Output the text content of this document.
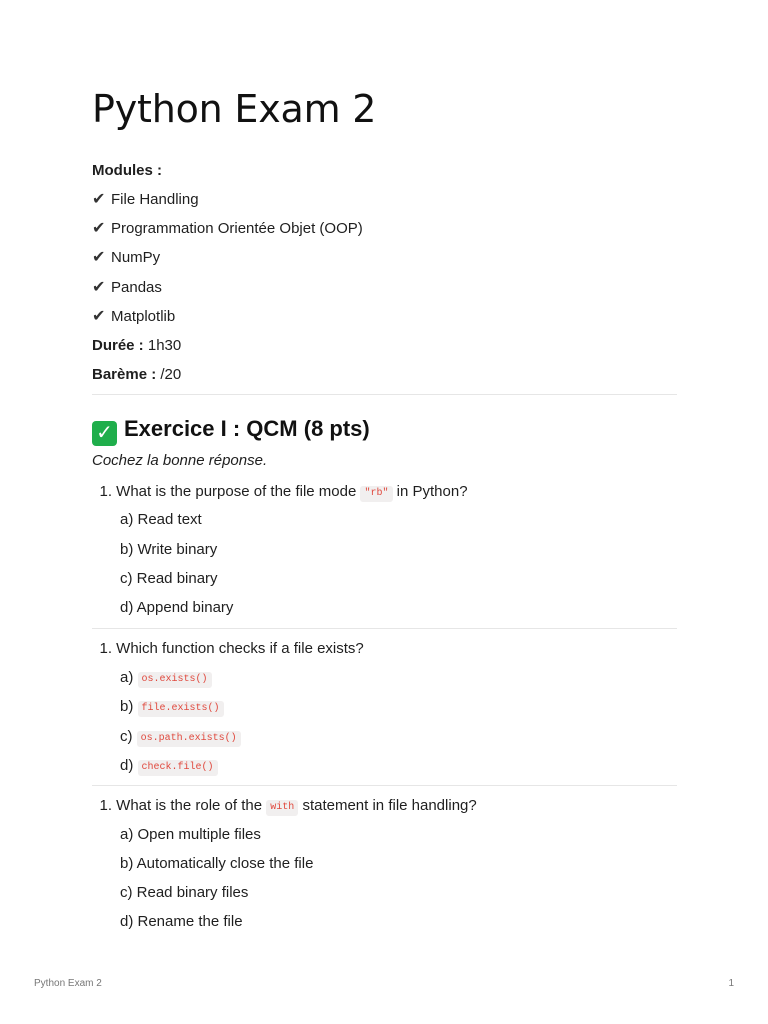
Python Exam 2
Modules :
✔ File Handling
✔ Programmation Orientée Objet (OOP)
✔ NumPy
✔ Pandas
✔ Matplotlib
Durée : 1h30
Barème : /20
✓ Exercice I : QCM (8 pts)
Cochez la bonne réponse.
1. What is the purpose of the file mode "rb" in Python?
a) Read text
b) Write binary
c) Read binary
d) Append binary
1. Which function checks if a file exists?
a) os.exists()
b) file.exists()
c) os.path.exists()
d) check.file()
1. What is the role of the with statement in file handling?
a) Open multiple files
b) Automatically close the file
c) Read binary files
d) Rename the file
Python Exam 2	1
